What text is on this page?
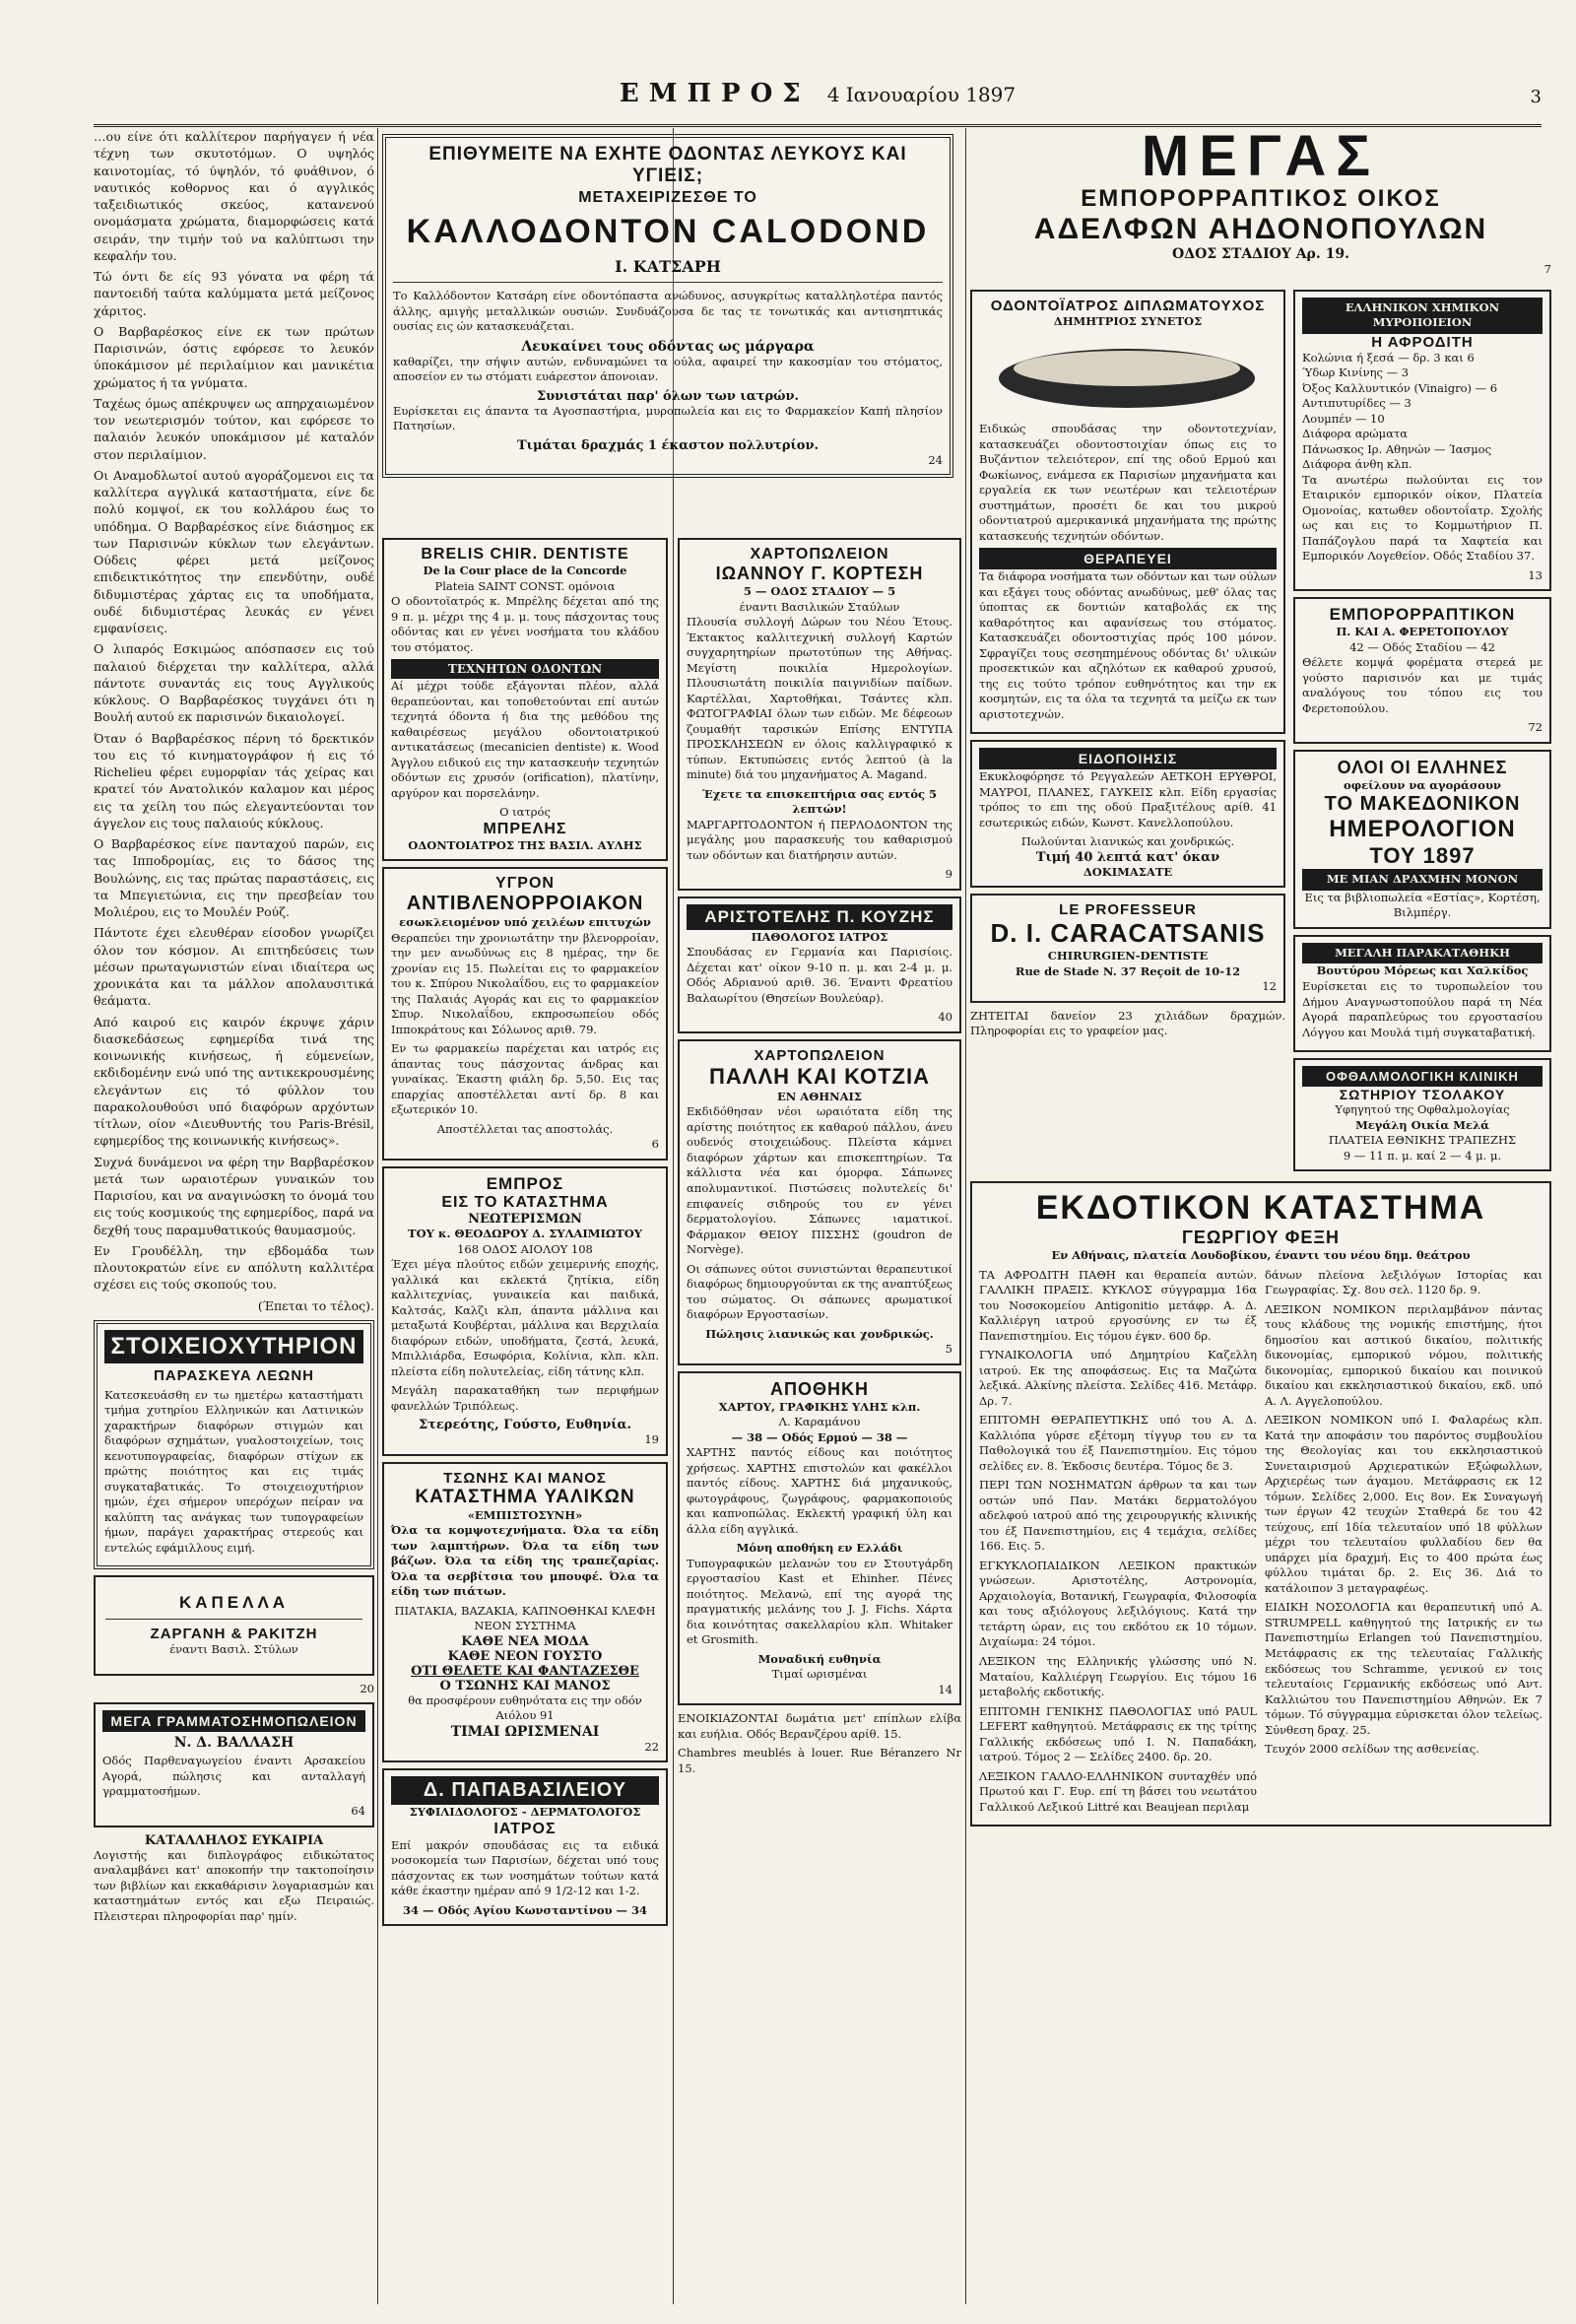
ΕΜΠΡΟΣ 4 Ιανουαρίου 1897	3

…ου είνε ότι καλλίτερον παρήγαγεν ή νέα τέχνη των σκυτοτόμων. Ο υψηλός καινοτομίας, τό ύψηλόν, τό φυάθινον, ό ναυτικός κοθορνος και ό αγγλικός ταξειδιωτικός σκεύος, κατανενού ονομάσματα χρώματα, διαμορφώσεις κατά σειράν, την τιμήν τού να καλύπτωσι την κεφαλήν του.

Τώ όντι δε είς 93 γόνατα να φέρη τά παντοειδή ταύτα καλύμματα μετά μείζονος χάριτος.

Ο Βαρβαρέσκος είνε εκ των πρώτων Παρισινών, όστις εφόρεσε το λευκόν ύποκάμισον μέ περιλαίμιον και μανικέτια χρώματος ή τα γνύματα.

Ταχέως όμως απέκρυψεν ως απηρχαιωμένον τον νεωτερισμόν τούτον, και εφόρεσε το παλαιόν λευκόν υποκάμισον μέ καταλόν στον περιλαίμιον.

Οι Αναμοδλωτοί αυτού αγοράζομενοι εις τα καλλίτερα αγγλικά καταστήματα, είνε δε πολύ κομψοί, εκ του κολλάρου έως το υπόδημα. Ο Βαρβαρέσκος είνε διάσημος εκ των Παρισινών κύκλων των ελεγάντων. Ούδεις φέρει μετά μείζονος επιδεικτικότητος την επενδύτην, ουδέ διδυμιστέρας χάρτας εις τα υποδήματα, ουδέ διδυμιστέρας λευκάς εν γένει εμφανίσεις.

Ο λιπαρός Εσκιμώος απόσπασεν εις τού παλαιού διέρχεται την καλλίτερα, αλλά πάντοτε συναντάς εις τους Αγγλικούς κύκλους. Ο Βαρβαρέσκος τυγχάνει ότι η Βουλή αυτού εκ παρισινών δικαιολογεί.

Όταν ό Βαρβαρέσκος πέρνη τό δρεκτικόν του εις τό κινηματογράφον ή εις τό Richelieu φέρει ευμορφίαν τάς χείρας και κρατεί τόν Ανατολικόν καλαμον και μέρος εις τα χείλη του πώς ελεγαντεύονται τον άγγελον εις τους παλαιούς κύκλους.

Ο Βαρβαρέσκος είνε πανταχού παρών, εις τας Ιπποδρομίας, εις το δάσος της Βουλώνης, εις τας πρώτας παραστάσεις, εις τα Μπεγιετώνια, εις την πρεσβείαν του Μολιέρου, εις το Μουλέν Ρούζ.

Πάντοτε έχει ελευθέραν είσοδον γνωρίζει όλον τον κόσμον. Αι επιτηδεύσεις των μέσων πρωταγωνιστών είναι ιδιαίτερα ως χρονικάτα και τα μάλλον απολαυσιτικά θεάματα.

Από καιρού εις καιρόν έκρυψε χάριν διασκεδάσεως εφημερίδα τινά της κοινωνικής κινήσεως, ή εύμενείων, εκδιδομένην ενώ υπό της αντικεκρουσμένης ελεγάντων εις τό φύλλον του παρακολουθούσι υπό διαφόρων αρχόντων τίτλων, οίον «Διευθυντής του Paris-Brésil, εφημερίδος της κοινωνικής κινήσεως».

Συχνά δυνάμενοι να φέρη την Βαρβαρέσκον μετά των ωραιοτέρων γυναικών του Παρισίου, και να αναγινώσκη το όνομά του εις τούς κοσμικούς της εφημερίδος, παρά να δεχθή τους παραμυθατικούς θαυμασμούς.

Εν Γρουδέλλη, την εβδομάδα των πλουτοκρατών είνε εν απόλυτη καλλιτέρα σχέσει εις τούς σκοπούς του.

(Έπεται το τέλος).

ΣΤΟΙΧΕΙΟΧΥΤΗΡΙΟΝ
ΠΑΡΑΣΚΕΥΑ ΛΕΩΝΗ
Κατεσκευάσθη εν τω ημετέρω καταστήματι τμήμα χυτηρίου Ελληνικών και Λατινικών χαρακτήρων διαφόρων στιγμών και διαφόρων σχημάτων, γυαλοστοιχείων, τοις κενοτυπογραφείας, διαφόρων στίχων εκ πρώτης ποιότητος και εις τιμάς συγκαταβατικάς. Το στοιχειοχυτήριον ημών, έχει σήμερον υπερόχων πείραν να καλύπτη τας ανάγκας των τυπογραφείων ήμων, παράγει χαρακτήρας στερεούς και εντελώς εφάμιλλους ειμή.
ΚΑΠΕΛΛΑ
ΖΑΡΓΑΝΗ & ΡΑΚΙΤΖΗ
έναντι Βασιλ. Στύλων
20
ΜΕΓΑ ΓΡΑΜΜΑΤΟΣΗΜΟΠΩΛΕΙΟΝ
Ν. Δ. ΒΑΛΛΑΣΗ
Οδός Παρθεναγωγείου έναντι Αρσακείου Αγορά, πώλησις και ανταλλαγή γραμματοσήμων.
64
ΚΑΤΑΛΛΗΛΟΣ ΕΥΚΑΙΡΙΑ

Λογιστής και διπλογράφος ειδικώτατος αναλαμβάνει κατ' αποκοπήν την τακτοποίησιν των βιβλίων και εκκαθάρισιν λογαριασμών και καταστημάτων εντός και εξω Πειραιώς. Πλειστεραι πληροφορίαι παρ' ημίν.

ΕΠΙΘΥΜΕΙΤΕ ΝΑ ΕΧΗΤΕ ΟΔΟΝΤΑΣ ΛΕΥΚΟΥΣ ΚΑΙ ΥΓΙΕΙΣ;
ΜΕΤΑΧΕΙΡΙΖΕΣΘΕ ΤΟ
ΚΑΛΛΟΔΟΝΤΟΝ CALODOND
Ι. ΚΑΤΣΑΡΗ
Το Καλλόδοντον Κατσάρη είνε οδοντόπαστα ανώδυνος, ασυγκρίτως καταλληλοτέρα παντός άλλης, αμιγής μεταλλικών ουσιών. Συνδυάζουσα δε τας τε τονωτικάς και αντισηπτικάς ουσίας εις ών κατασκευάζεται.
Λευκαίνει τους οδόντας ως μάργαρα
καθαρίζει, την σήψιν αυτών, ενδυναμώνει τα ούλα, αφαιρεί την κακοσμίαν του στόματος, αποσείον εν τω στόματι ευάρεστον άπονοιαν.
Συνιστάται παρ' όλων των ιατρών.
Ευρίσκεται εις άπαντα τα Αγοσπαστήρια, μυροπωλεία και εις το Φαρμακείον Καπή πλησίον Πατησίων.
Τιμάται δραχμάς 1 έκαστον πολλυτρίον.
24
BRELIS CHIR. DENTISTE
De la Cour place de la Concorde
Plateia SAINT CONST. ομόνοια
Ο οδοντοϊατρός κ. Μπρέλης δέχεται από της 9 π. μ. μέχρι της 4 μ. μ. τους πάσχοντας τους οδόντας και εν γένει νοσήματα του κλάδου του στόματος.
ΤΕΧΝΗΤΩΝ ΟΔΟΝΤΩΝ
Αί μέχρι τούδε εξάγονται πλέον, αλλά θεραπεύονται, και τοποθετούνται επί αυτών τεχνητά όδοντα ή δια της μεθόδου της καθαιρέσεως μεγάλου οδοντοιατρικού αντικατάσεως (mecanicien dentiste) κ. Wood Άγγλου ειδικού εις την κατασκευήν τεχνητών οδόντων εις χρυσόν (orification), πλατίνην, αργύρον και πορσελάνην.
Ο ιατρός
ΜΠΡΕΛΗΣ
ΟΔΟΝΤΟΙΑΤΡΟΣ ΤΗΣ ΒΑΣΙΛ. ΑΥΛΗΣ
ΥΓΡΟΝ
ΑΝΤΙΒΛΕΝΟΡΡΟΙΑΚΟΝ
εσωκλειομένον υπό χειλέων επιτυχών
Θεραπεύει την χρονιωτάτην την βλενορροίαν, την μεν ανωδύνως εις 8 ημέρας, την δε χρονίαν εις 15. Πωλείται εις το φαρμακείον του κ. Σπύρου Νικολαΐδου, εις το φαρμακείον της Παλαιάς Αγοράς και εις το φαρμακείον Σπυρ. Νικολαΐδου, εκπροσωπείου οδός Ιπποκράτους και Σόλωνος αριθ. 79.
Εν τω φαρμακείω παρέχεται και ιατρός εις άπαντας τους πάσχοντας άνδρας και γυναίκας. Έκαστη φιάλη δρ. 5,50. Εις τας επαρχίας αποστέλλεται αντί δρ. 8 και εξωτερικόν 10.
Αποστέλλεται τας αποστολάς.
6
ΕΜΠΡΟΣ
ΕΙΣ ΤΟ ΚΑΤΑΣΤΗΜΑ
ΝΕΩΤΕΡΙΣΜΩΝ
ΤΟΥ κ. ΘΕΟΔΩΡΟΥ Δ. ΣΥΛΑΙΜΙΩΤΟΥ
168 ΟΔΟΣ ΑΙΟΛΟΥ 108
Έχει μέγα πλούτος ειδών χειμερινής εποχής, γαλλικά και εκλεκτά ζητίκια, είδη καλλιτεχνίας, γυναικεία και παιδικά, Καλτσάς, Καλζι κλπ, άπαντα μάλλινα και μεταξωτά Κουβέρται, μάλλινα και Bερχιλαία διαφόρων ειδών, υποδήματα, ζεστά, λευκά, Μπιλλιάρδα, Εσωφόρια, Κολίνια, κλπ. κλπ. πλείστα είδη πολυτελείας, είδη τάτνης κλπ.
Μεγάλη παρακαταθήκη των περιφήμων φανελλών Τριπόλεως.
Στερεότης, Γούστο, Ευθηνία.
19
ΤΣΩΝΗΣ ΚΑΙ ΜΑΝΟΣ
ΚΑΤΑΣΤΗΜΑ ΥΑΛΙΚΩΝ
«ΕΜΠΙΣΤΟΣΥΝΗ»
Όλα τα κομψοτεχνήματα. Όλα τα είδη των λαμπτήρων. Όλα τα είδη των βάζων. Όλα τα είδη της τραπεζαρίας. Όλα τα σερβίτσια του μπουφέ. Όλα τα είδη των πιάτων.
ΠΙΑΤΑΚΙΑ, ΒΑΖΑΚΙΑ, ΚΑΠΝΟΘΗΚΑΙ ΚΛΕΦΗ ΝΕΟΝ ΣΥΣΤΗΜΑ
ΚΑΘΕ ΝΕΑ ΜΟΔΑ
ΚΑΘΕ ΝΕΟΝ ΓΟΥΣΤΟ
ΟΤΙ ΘΕΛΕΤΕ ΚΑΙ ΦΑΝΤΑΖΕΣΘΕ
Ο ΤΣΩΝΗΣ ΚΑΙ ΜΑΝΟΣ
θα προσφέρουν ευθηνότατα εις την οδόν Αιόλου 91
ΤΙΜΑΙ ΩΡΙΣΜΕΝΑΙ
22
Δ. ΠΑΠΑΒΑΣΙΛΕΙΟΥ
ΣΥΦΙΛΙΔΟΛΟΓΟΣ - ΔΕΡΜΑΤΟΛΟΓΟΣ
ΙΑΤΡΟΣ
Επί μακρόν σπουδάσας εις τα ειδικά νοσοκομεία των Παρισίων, δέχεται υπό τους πάσχοντας εκ των νοσημάτων τούτων κατά κάθε έκαστην ημέραν από 9 1/2-12 και 1-2.
34 — Οδός Αγίου Κωνσταντίνου — 34
ΧΑΡΤΟΠΩΛΕΙΟΝ
ΙΩΑΝΝΟΥ Γ. ΚΟΡΤΕΣΗ
5 — ΟΔΟΣ ΣΤΑΔΙΟΥ — 5
έναντι Βασιλικών Σταύλων
Πλουσία συλλογή Δώρων του Νέου Έτους. Έκτακτος καλλιτεχνική συλλογή Καρτών συγχαρητηρίων πρωτοτύπων της Αθήνας. Μεγίστη ποικιλία Ημερολογίων. Πλουσιωτάτη ποικιλία παιγνιδίων παίδων. Καρτέλλαι, Χαρτοθήκαι, Τσάντες κλπ. ΦΩΤΟΓΡΑΦΙΑΙ όλων των ειδών. Με δέφεοων ζουμαθήτ ταρσικών Επίσης ΕΝΤΥΠΑ ΠΡΟΣΚΛΗΣΕΩΝ εν όλοις καλλιγραφικό κ τύπων. Εκτυπώσεις εντός λεπτού (à la minute) διά του μηχανήματος A. Magand.
Έχετε τα επισκεπτήρια σας εντός 5 λεπτών!
ΜΑΡΓΑΡΙΤΟΔΟΝΤΟΝ ή ΠΕΡΛΟΔΟΝΤΟΝ της μεγάλης μου παρασκευής του καθαρισμού των οδόντων και διατήρησιν αυτών.
9
ΑΡΙΣΤΟΤΕΛΗΣ Π. ΚΟΥΖΗΣ
ΠΑΘΟΛΟΓΟΣ ΙΑΤΡΟΣ
Σπουδάσας εν Γερμανία και Παρισίοις. Δέχεται κατ' οίκον 9-10 π. μ. και 2-4 μ. μ. Οδός Αδριανού αριθ. 36. Έναντι Φρεατίου Βαλαωρίτου (Θησείων Βουλεύαρ).
40
ΧΑΡΤΟΠΩΛΕΙΟΝ
ΠΑΛΛΗ ΚΑΙ ΚΟΤΖΙΑ
ΕΝ ΑΘΗΝΑΙΣ
Εκδιδόθησαν νέοι ωραιότατα είδη της αρίστης ποιότητος εκ καθαρού πάλλου, άνευ ουδενός στοιχειώδους. Πλείστα κάμνει διαφόρων χάρτων και επισκεπτηρίων. Τα κάλλιστα νέα και όμορφα. Σάπωνες απολυμαντικοί. Πιστώσεις πολυτελείς δι' επιφανείς σιδηρούς του εν γένει δερματολογίου. Σάπωνες ιαματικοί. Φάρμακον ΘΕΙΟΥ ΠΙΣΣΗΣ (goudron de Norvège).
Οι σάπωνες ούτοι συνιστώνται θεραπευτικοί διαφόρως δημιουργούνται εκ της αναπτύξεως του σώματος. Οι σάπωνες αρωματικοί διαφόρων Εργοστασίων.
Πώλησις λιανικώς και χονδρικώς.
5
ΑΠΟΘΗΚΗ
ΧΑΡΤΟΥ, ΓΡΑΦΙΚΗΣ ΥΛΗΣ κλπ.
Λ. Καραμάνου
— 38 — Οδός Ερμού — 38 —
ΧΑΡΤΗΣ παντός είδους και ποιότητος χρήσεως. ΧΑΡΤΗΣ επιστολών και φακέλλοι παντός είδους. ΧΑΡΤΗΣ διά μηχανικούς, φωτογράφους, ζωγράφους, φαρμακοποιούς και καπνοπώλας. Εκλεκτή γραφική ύλη και άλλα είδη αγγλικά.
Μόνη αποθήκη εν Ελλάδι
Τυπογραφικών μελανών του εν Στουτγάρδη εργοστασίου Kast et Ehinher. Πένες ποιότητος. Μελανώ, επί της αγορά της πραγματικής μελάνης του J. J. Fichs. Χάρτα δια κοινότητας σακελλαρίου κλπ. Whitaker et Grosmith.
Μοναδική ευθηνία
Τιμαί ωρισμέναι
14

ΕΝΟΙΚΙΑΖΟΝΤΑΙ δωμάτια μετ' επίπλων ελίβα και ευήλια. Οδός Βερανζέρου αρίθ. 15.

Chambres meublés à louer. Rue Béranzero Nr 15.

ΜΕΓΑΣ
ΕΜΠΟΡΟΡΡΑΠΤΙΚΟΣ ΟΙΚΟΣ
ΑΔΕΛΦΩΝ ΑΗΔΟΝΟΠΟΥΛΩΝ
ΟΔΟΣ ΣΤΑΔΙΟΥ Αρ. 19.
7
ΟΔΟΝΤΟΪΑΤΡΟΣ ΔΙΠΛΩΜΑΤΟΥΧΟΣ
ΔΗΜΗΤΡΙΟΣ ΣΥΝΕΤΟΣ
Ειδικώς σπουδάσας την οδοντοτεχνίαν, κατασκευάζει οδοντοστοιχίαν όπως εις το Βυζάντιον τελειότερον, επί της οδού Ερμού και Φωκίωνος, ενάμεσα εκ Παρισίων μηχανήματα και εργαλεία εκ των νεωτέρων και τελειοτέρων συστημάτων, προσέτι δε και του μικρού οδοντιατρού αμερικανικά μηχανήματα της πρώτης κατασκευής τεχνητών οδόντων.
ΘΕΡΑΠΕΥΕΙ
Τα διάφορα νοσήματα των οδόντων και των ούλων και εξάγει τους οδόντας ανωδύνως, μεθ' όλας τας ύποπτας εκ δοντιών καταβολάς εκ της καθαρότητος και αφανίσεως του στόματος. Κατασκευάζει οδοντοστιχίας πρός 100 μόνον. Σφραγίζει τους σεσηπημένους οδόντας δι' υλικών προσεκτικών και αζηλότων εκ καθαρού χρυσού, της εις τούτο τρόπον ευθηνότητος και την εκ κοσμητών, εις τα όλα τα τεχνητά τα μείζω εκ των αριστοτεχνών.
ΕΙΔΟΠΟΙΗΣΙΣ
Εκυκλοφόρησε τό Ρεγγαλεών ΑΕΤΚΟΗ ΕΡΥΘΡΟΙ, ΜΑΥΡΟΙ, ΠΛΑΝΕΣ, ΓΑΥΚΕΙΣ κλπ. Είδη εργασίας τρόπος το επι της οδού Πραξιτέλους αρίθ. 41 εσωτερικώς ειδών, Κωνστ. Κανελλοπούλου.
Πωλούνται λιανικώς και χονδρικώς.
Τιμή 40 λεπτά κατ' όκαν
ΔΟΚΙΜΑΣΑΤΕ
LE PROFESSEUR
D. I. CARACATSANIS
CHIRURGIEN-DENTISTE
Rue de Stade N. 37 Reçoit de 10-12
12

ΖΗΤΕΙΤΑΙ δανείον 23 χιλιάδων δραχμών. Πληροφορίαι εις το γραφείον μας.

ΕΛΛΗΝΙΚΟΝ ΧΗΜΙΚΟΝ ΜΥΡΟΠΟΙΕΙΟΝ
Η ΑΦΡΟΔΙΤΗ
Κολώνια ή ξεσά — δρ. 3 και 6
Ύδωρ Κινίνης — 3
Όξος Καλλυντικόν (Vinaigro) — 6
Αντιπυτυρίδες — 3
Λουμπέν — 10
Διάφορα αρώματα
Πάνωσκος Ιρ. Αθηνών — Ίασμος
Διάφορα άνθη κλπ.
Τα ανωτέρω πωλούνται εις τον Εταιρικόν εμπορικόν οίκον, Πλατεία Ομονοίας, κατωθεν οδοντοΐατρ. Σχολής ως και εις το Κομμωτήριον Π. Παπάζογλου παρά τα Χαφτεία και Εμπορικόν Λογεθείον. Οδός Σταδίου 37.
13
ΕΜΠΟΡΟΡΡΑΠΤΙΚΟΝ
Π. ΚΑΙ Α. ΦΕΡΕΤΟΠΟΥΛΟΥ
42 — Οδός Σταδίου — 42
Θέλετε κομψά φορέματα στερεά με γούστο παρισινόν και με τιμάς αναλόγους του τόπου εις του Φερετοπούλου.
72
ΟΛΟΙ ΟΙ ΕΛΛΗΝΕΣ
οφείλουν να αγοράσουν
ΤΟ ΜΑΚΕΔΟΝΙΚΟΝ
ΗΜΕΡΟΛΟΓΙΟΝ
ΤΟΥ 1897
ΜΕ ΜΙΑΝ ΔΡΑΧΜΗΝ ΜΟΝΟΝ
Εις τα βιβλιοπωλεία «Εστίας», Κορτέση, Βιλμπέργ.
ΜΕΓΑΛΗ ΠΑΡΑΚΑΤΑΘΗΚΗ
Βουτύρου Μόρεως και Χαλκίδος
Ευρίσκεται εις το τυροπωλείον του Δήμου Αναγνωστοπούλου παρά τη Νέα Αγορά παραπλεύρως του εργοστασίου Λόγγου και Μουλά τιμή συγκαταβατική.
ΟΦΘΑΛΜΟΛΟΓΙΚΗ ΚΛΙΝΙΚΗ
ΣΩΤΗΡΙΟΥ ΤΣΟΛΑΚΟΥ
Υφηγητού της Οφθαλμολογίας
Μεγάλη Οικία Μελά
ΠΛΑΤΕΙΑ ΕΘΝΙΚΗΣ ΤΡΑΠΕΖΗΣ
9 — 11 π. μ. καί 2 — 4 μ. μ.
ΕΚΔΟΤΙΚΟΝ ΚΑΤΑΣΤΗΜΑ
ΓΕΩΡΓΙΟΥ ΦΕΞΗ
Εν Αθήναις, πλατεία Λουδοβίκου, έναντι του νέου δημ. θεάτρου

ΤΑ ΑΦΡΟΔΙΤΗ ΠΑΘΗ και θεραπεία αυτών. ΓΑΛΛΙΚΗ ΠΡΑΞΙΣ. ΚΥΚΛΟΣ σύγγραμμα 16α του Νοσοκομείου Antigonitio μετάφρ. Α. Δ. Καλλιέργη ιατρού εργοσύνης εν τω έξ Πανεπιστημίου. Εις τόμου έγκν. 600 δρ.

ΓΥΝΑΙΚΟΛΟΓΙΑ υπό Δημητρίου Καζελλη ιατρού. Εκ της αποφάσεως. Εις τα Μαζώτα λεξικά. Αλκίνης πλείστα. Σελίδες 416. Μετάφρ. Δρ. 7.

ΕΠΙΤΟΜΗ ΘΕΡΑΠΕΥΤΙΚΗΣ υπό του Α. Δ. Καλλιόπα γύρσε εξέτομη τίγγυρ του εν τα Παθολογικά του έξ Πανεπιστημίου. Εις τόμου σελίδες εν. 8. Έκδοσις δευτέρα. Τόμος δε 3.

ΠΕΡΙ ΤΩΝ ΝΟΣΗΜΑΤΩΝ άρθρων τα και των οστών υπό Παν. Ματάκι δερματολόγου αδελφού ιατρού από της χειρουργικής κλινικής του έξ Πανεπιστημίου, εις 4 τεμάχια, σελίδες 166. Εις. 5.

ΕΓΚΥΚΛΟΠΑΙΔΙΚΟΝ ΛΕΞΙΚΟΝ πρακτικών γνώσεων. Αριστοτέλης, Αστρονομία, Αρχαιολογία, Βοτανική, Γεωγραφία, Φιλοσοφία και τους αξιόλογους λεξιλόγιους. Κατά την τετάρτη ώραν, εις του εκδότου εκ 10 τόμων. Διχαίωμα: 24 τόμοι.

ΛΕΞΙΚΟΝ της Ελληνικής γλώσσης υπό Ν. Ματαίου, Καλλιέργη Γεωργίου. Εις τόμου 16 μεταβολής εκδοτικής.

ΕΠΙΤΟΜΗ ΓΕΝΙΚΗΣ ΠΑΘΟΛΟΓΙΑΣ υπό PAUL LEFERT καθηγητού. Μετάφρασις εκ της τρίτης Γαλλικής εκδόσεως υπό Ι. Ν. Παπαδάκη, ιατρού. Τόμος 2 — Σελίδες 2400. δρ. 20.

ΛΕΞΙΚΟΝ ΓΑΛΛΟ-ΕΛΛΗΝΙΚΟΝ συνταχθέν υπό Πρωτού και Γ. Ευρ. επί τη βάσει του νεωτάτου Γαλλικού Λεξικού Littré και Beaujean περιλαμ

δάνων πλείονα λεξιλόγων Ιστορίας και Γεωγραφίας. Σχ. 8ου σελ. 1120 δρ. 9.

ΛΕΞΙΚΟΝ ΝΟΜΙΚΟΝ περιλαμβάνον πάντας τους κλάδους της νομικής επιστήμης, ήτοι δημοσίου και αστικού δικαίου, πολιτικής δικονομίας, εμπορικού νόμου, πολιτικής δικονομίας, εμπορικού δικαίου και ποινικού δικαίου και εκκλησιαστικού δικαίου, εκδ. υπό Α. Λ. Αγγελοπούλου.

ΛΕΞΙΚΟΝ ΝΟΜΙΚΟΝ υπό Ι. Φαλαρέως κλπ. Κατά την αποφάσιν του παρόντος συμβουλίου της Θεολογίας και του εκκλησιαστικού Συνεταιρισμού Αρχιερατικών Εξώφωλλων, Αρχιερέως των άγαμου. Μετάφρασις εκ 12 τόμων. Σελίδες 2,000. Εις 8ον. Εκ Συναγωγή των έργων 42 τευχών Σταθερά δε του 42 τεύχους, επί 1δία τελευταίον υπό 18 φύλλων μέχρι του τελευταίου φυλλαδίου δεν θα υπάρχει μία δραχμή. Εις το 400 πρώτα έως φύλλου τιμάται δρ. 2. Εις 36. Διά το κατάλοιπον 3 μεταγραφέως.

ΕΙΔΙΚΗ ΝΟΣΟΛΟΓΙΑ και θεραπευτική υπό A. STRUMPELL καθηγητού της Ιατρικής εν τω Πανεπιστημίω Erlangen τού Πανεπιστημίου. Μετάφρασις εκ της τελευταίας Γαλλικής εκδόσεως του Schramme, γενικού εν τοις τελευταίοις Γερμανικής εκδόσεως υπό Αντ. Καλλιώτου του Πανεπιστημίου Αθηνών. Εκ 7 τόμων. Τό σύγγραμμα εύρισκεται όλον τελείως. Σύνθεση δραχ. 25.

Τευχόν 2000 σελίδων της ασθενείας.
